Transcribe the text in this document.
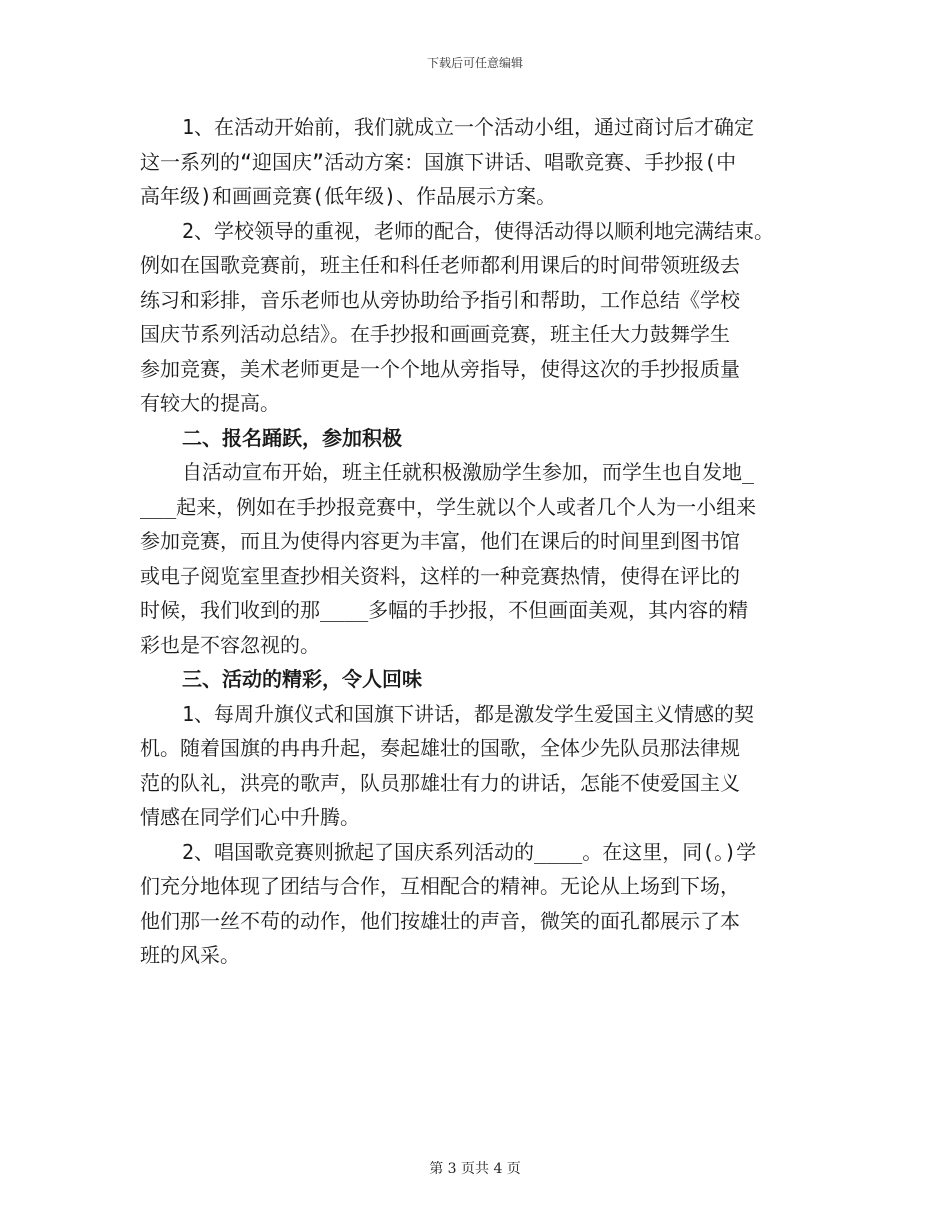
下载后可任意编辑
1、在活动开始前，我们就成立一个活动小组，通过商讨后才确定
这一系列的“迎国庆”活动方案：国旗下讲话、唱歌竞赛、手抄报(中
高年级)和画画竞赛(低年级)、作品展示方案。
2、学校领导的重视，老师的配合，使得活动得以顺利地完满结束。
例如在国歌竞赛前，班主任和科任老师都利用课后的时间带领班级去
练习和彩排，音乐老师也从旁协助给予指引和帮助，工作总结《学校
国庆节系列活动总结》。在手抄报和画画竞赛，班主任大力鼓舞学生
参加竞赛，美术老师更是一个个地从旁指导，使得这次的手抄报质量
有较大的提高。
二、报名踊跃，参加积极
自活动宣布开始，班主任就积极激励学生参加，而学生也自发地_
___起来，例如在手抄报竞赛中，学生就以个人或者几个人为一小组来
参加竞赛，而且为使得内容更为丰富，他们在课后的时间里到图书馆
或电子阅览室里查抄相关资料，这样的一种竞赛热情，使得在评比的
时候，我们收到的那____多幅的手抄报，不但画面美观，其内容的精
彩也是不容忽视的。
三、活动的精彩，令人回味
1、每周升旗仪式和国旗下讲话，都是激发学生爱国主义情感的契
机。随着国旗的冉冉升起，奏起雄壮的国歌，全体少先队员那法律规
范的队礼，洪亮的歌声，队员那雄壮有力的讲话，怎能不使爱国主义
情感在同学们心中升腾。
2、唱国歌竞赛则掀起了国庆系列活动的____。在这里，同(。)学
们充分地体现了团结与合作，互相配合的精神。无论从上场到下场，
他们那一丝不苟的动作，他们按雄壮的声音，微笑的面孔都展示了本
班的风采。
第 3 页共 4 页
